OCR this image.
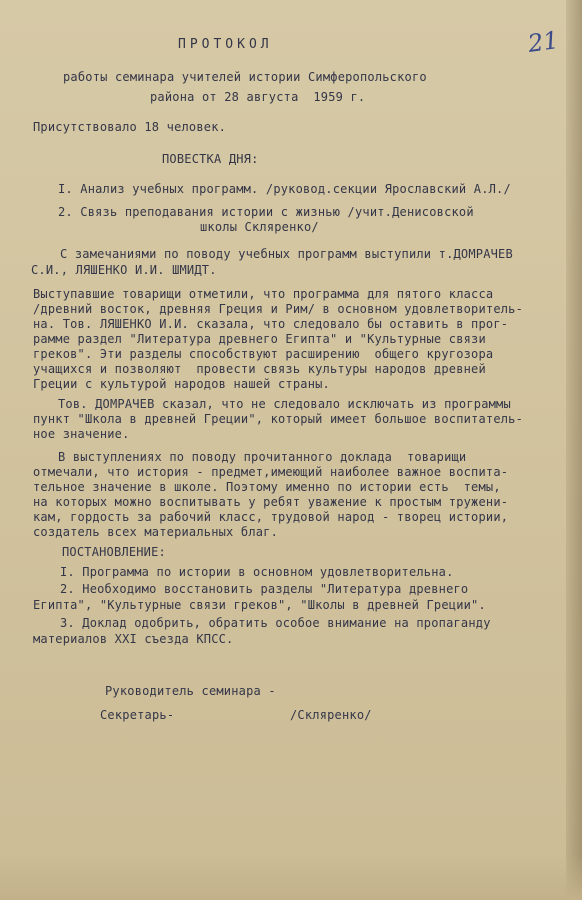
21
ПРОТОКОЛ
работы семинара учителей истории Симферопольского
района от 28 августа  1959 г.
Присутствовало 18 человек.
ПОВЕСТКА ДНЯ:
I. Анализ учебных программ. /руковод.секции Ярославский А.Л./
2. Связь преподавания истории с жизнью /учит.Денисовской
школы Скляренко/
С замечаниями по поводу учебных программ выступили т.ДОМРАЧЕВ
С.И., ЛЯШЕНКО И.И. ШМИДТ.
Выступавшие товарищи отметили, что программа для пятого класса
/древний восток, древняя Греция и Рим/ в основном удовлетворитель-
на. Тов. ЛЯШЕНКО И.И. сказала, что следовало бы оставить в прог-
рамме раздел "Литература древнего Египта" и "Культурные связи
греков". Эти разделы способствуют расширению  общего кругозора
учащихся и позволяют  провести связь культуры народов древней
Греции с культурой народов нашей страны.
Тов. ДОМРАЧЕВ сказал, что не следовало исключать из программы
пункт "Школа в древней Греции", который имеет большое воспитатель-
ное значение.
В выступлениях по поводу прочитанного доклада  товарищи
отмечали, что история - предмет,имеющий наиболее важное воспита-
тельное значение в школе. Поэтому именно по истории есть  темы,
на которых можно воспитывать у ребят уважение к простым тружени-
кам, гордость за рабочий класс, трудовой народ - творец истории,
создатель всех материальных благ.
ПОСТАНОВЛЕНИЕ:
I. Программа по истории в основном удовлетворительна.
2. Необходимо восстановить разделы "Литература древнего
Египта", "Культурные связи греков", "Школы в древней Греции".
3. Доклад одобрить, обратить особое внимание на пропаганду
материалов XXI съезда КПСС.
Руководитель семинара -
Секретарь-	/Скляренко/
